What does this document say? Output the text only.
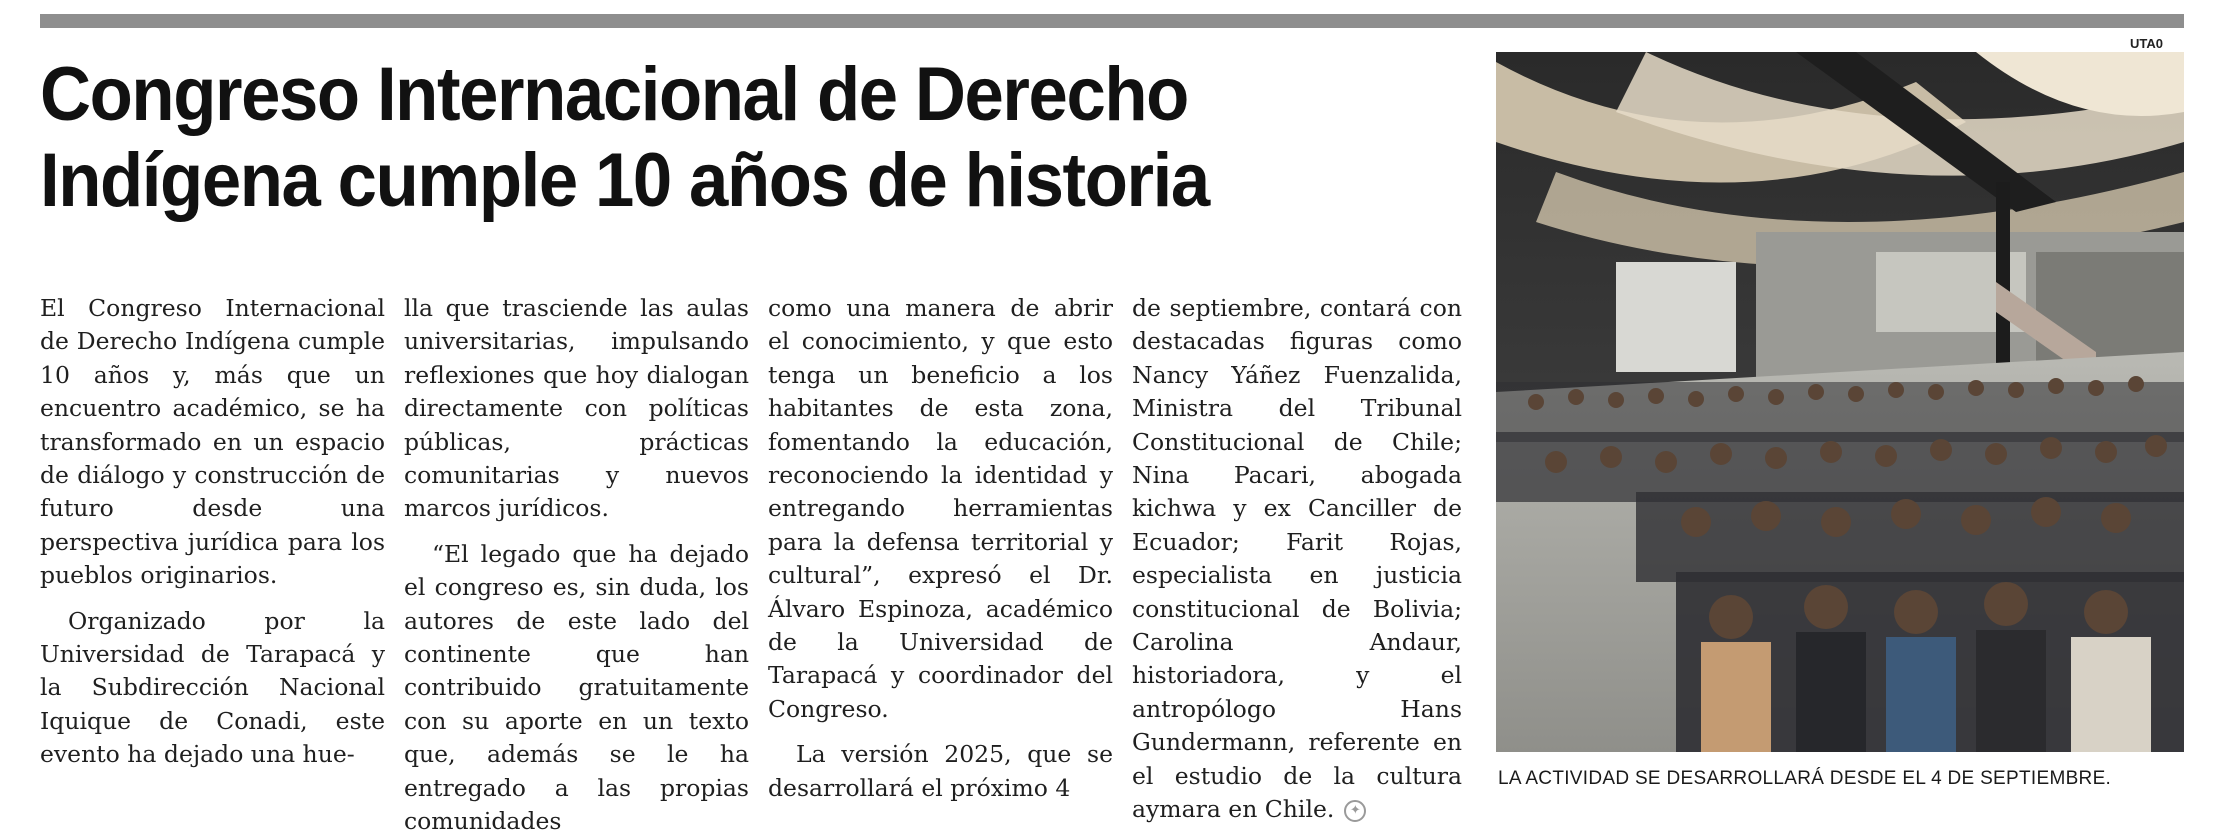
Congreso Internacional de Derecho
Indígena cumple 10 años de historia

El Congreso Internacional de Derecho Indígena cumple 10 años y, más que un encuentro académico, se ha transformado en un espacio de diálogo y construcción de futuro desde una perspectiva jurídica para los pueblos originarios.

Organizado por la Universidad de Tarapacá y la Subdirección Nacional Iquique de Conadi, este evento ha dejado una hue-

lla que trasciende las aulas universitarias, impulsando reflexiones que hoy dialogan directamente con políticas públicas, prácticas comunitarias y nuevos marcos jurídicos.

“El legado que ha dejado el congreso es, sin duda, los autores de este lado del continente que han contribuido gratuitamente con su aporte en un texto que, además se le ha entregado a las propias comunidades

como una manera de abrir el conocimiento, y que esto tenga un beneficio a los habitantes de esta zona, fomentando la educación, reconociendo la identidad y entregando herramientas para la defensa territorial y cultural”, expresó el Dr. Álvaro Espinoza, académico de la Universidad de Tarapacá y coordinador del Congreso.

La versión 2025, que se desarrollará el próximo 4

de septiembre, contará con destacadas figuras como Nancy Yáñez Fuenzalida, Ministra del Tribunal Constitucional de Chile; Nina Pacari, abogada kichwa y ex Canciller de Ecuador; Farit Rojas, especialista en justicia constitucional de Bolivia; Carolina Andaur, historiadora, y el antropólogo Hans Gundermann, referente en el estudio de la cultura aymara en Chile. ✦

UTA0
LA ACTIVIDAD SE DESARROLLARÁ DESDE EL 4 DE SEPTIEMBRE.
